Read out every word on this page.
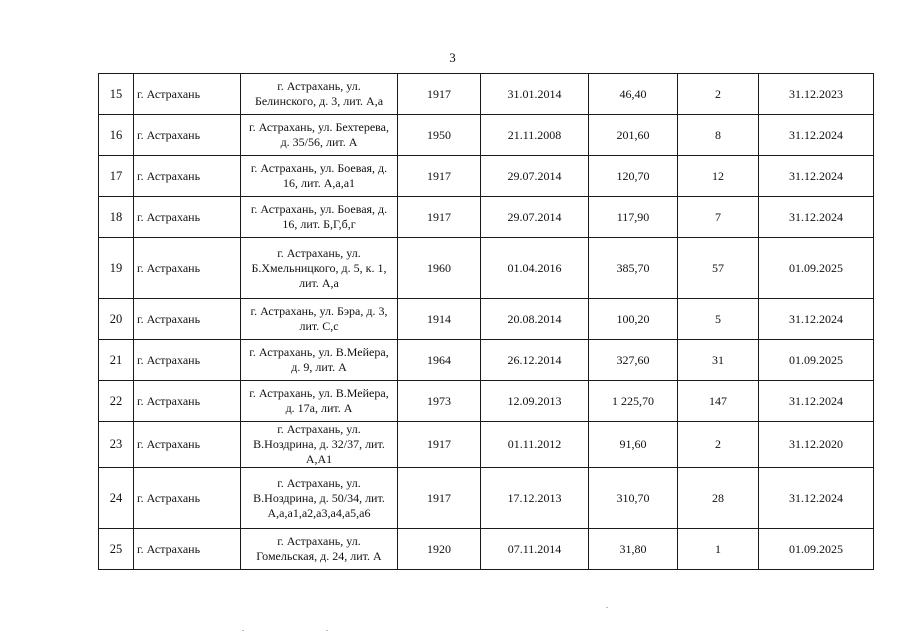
3
15	г. Астрахань	г. Астрахань, ул.
Белинского, д. 3, лит. А,а	1917	31.01.2014	46,40	2	31.12.2023
16	г. Астрахань	г. Астрахань, ул. Бехтерева,
д. 35/56, лит. А	1950	21.11.2008	201,60	8	31.12.2024
17	г. Астрахань	г. Астрахань, ул. Боевая, д.
16, лит. А,а,а1	1917	29.07.2014	120,70	12	31.12.2024
18	г. Астрахань	г. Астрахань, ул. Боевая, д.
16, лит. Б,Г,б,г	1917	29.07.2014	117,90	7	31.12.2024
19	г. Астрахань	г. Астрахань, ул.
Б.Хмельницкого, д. 5, к. 1,
лит. А,а	1960	01.04.2016	385,70	57	01.09.2025
20	г. Астрахань	г. Астрахань, ул. Бэра, д. 3,
лит. С,с	1914	20.08.2014	100,20	5	31.12.2024
21	г. Астрахань	г. Астрахань, ул. В.Мейера,
д. 9, лит. А	1964	26.12.2014	327,60	31	01.09.2025
22	г. Астрахань	г. Астрахань, ул. В.Мейера,
д. 17а, лит. А	1973	12.09.2013	1 225,70	147	31.12.2024
23	г. Астрахань	г. Астрахань, ул.
В.Ноздрина, д. 32/37, лит.
А,А1	1917	01.11.2012	91,60	2	31.12.2020
24	г. Астрахань	г. Астрахань, ул.
В.Ноздрина, д. 50/34, лит.
А,а,а1,а2,а3,а4,а5,а6	1917	17.12.2013	310,70	28	31.12.2024
25	г. Астрахань	г. Астрахань, ул.
Гомельская, д. 24, лит. А	1920	07.11.2014	31,80	1	01.09.2025
